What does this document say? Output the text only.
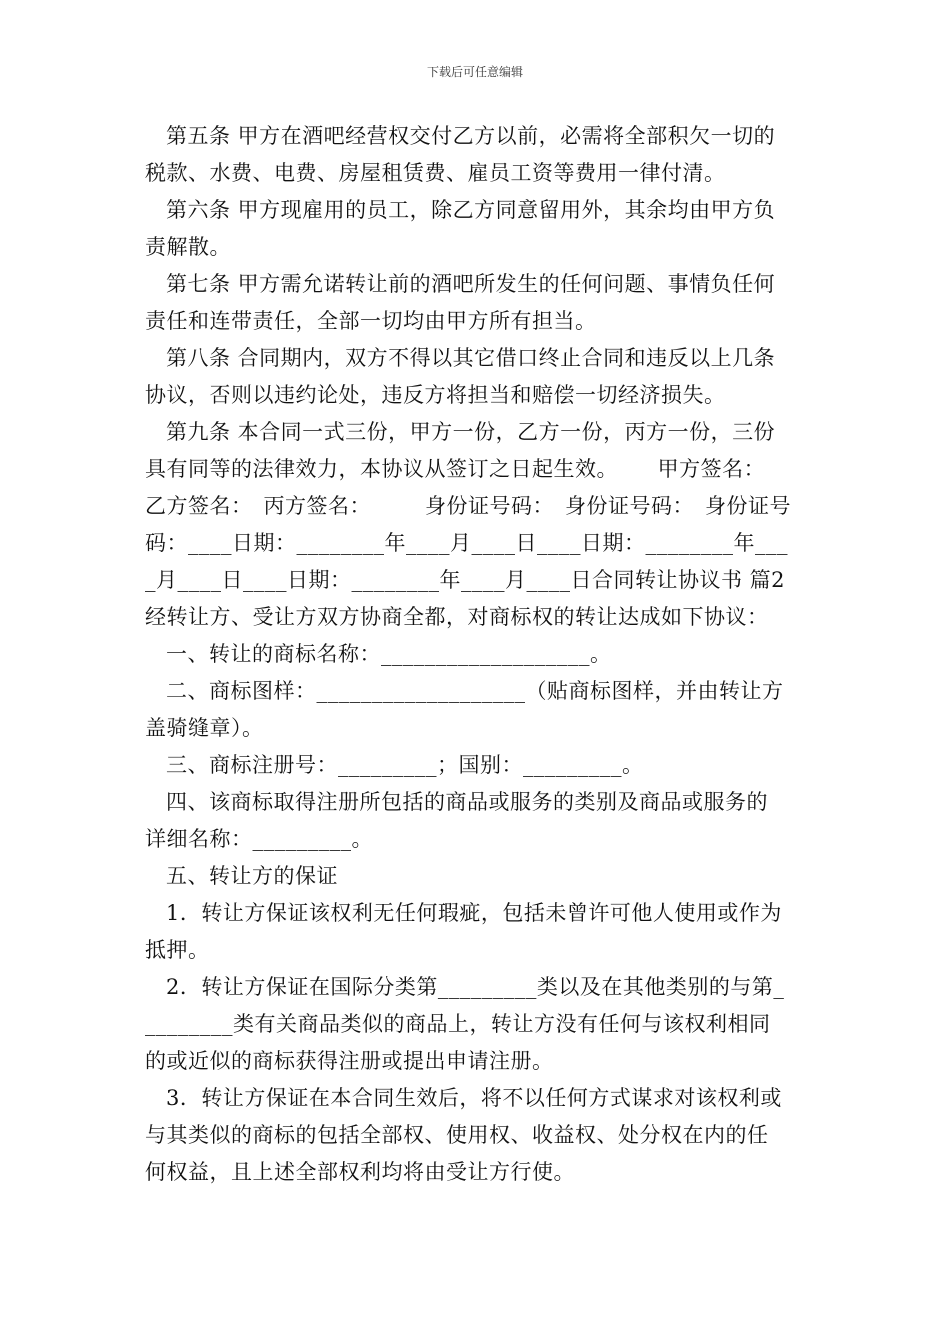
下载后可任意编辑
第五条 甲方在酒吧经营权交付乙方以前，必需将全部积欠一切的
税款、水费、电费、房屋租赁费、雇员工资等费用一律付清。
第六条 甲方现雇用的员工，除乙方同意留用外，其余均由甲方负
责解散。
第七条 甲方需允诺转让前的酒吧所发生的任何问题、事情负任何
责任和连带责任，全部一切均由甲方所有担当。
第八条 合同期内，双方不得以其它借口终止合同和违反以上几条
协议，否则以违约论处，违反方将担当和赔偿一切经济损失。
第九条 本合同一式三份，甲方一份，乙方一份，丙方一份，三份
具有同等的法律效力，本协议从签订之日起生效。　　 甲方签名：
乙方签名：　丙方签名：　　　身份证号码：　身份证号码：　身份证号
码：____日期：________年____月____日____日期：________年___
_月____日____日期：________年____月____日合同转让协议书 篇2
经转让方、受让方双方协商全都，对商标权的转让达成如下协议：
一、转让的商标名称：___________________。
二、商标图样：___________________（贴商标图样，并由转让方
盖骑缝章）。
三、商标注册号：_________；国别：_________。
四、该商标取得注册所包括的商品或服务的类别及商品或服务的
详细名称：_________。
五、转让方的保证
1．转让方保证该权利无任何瑕疵，包括未曾许可他人使用或作为
抵押。
2．转让方保证在国际分类第_________类以及在其他类别的与第_
________类有关商品类似的商品上，转让方没有任何与该权利相同
的或近似的商标获得注册或提出申请注册。
3．转让方保证在本合同生效后，将不以任何方式谋求对该权利或
与其类似的商标的包括全部权、使用权、收益权、处分权在内的任
何权益，且上述全部权利均将由受让方行使。
